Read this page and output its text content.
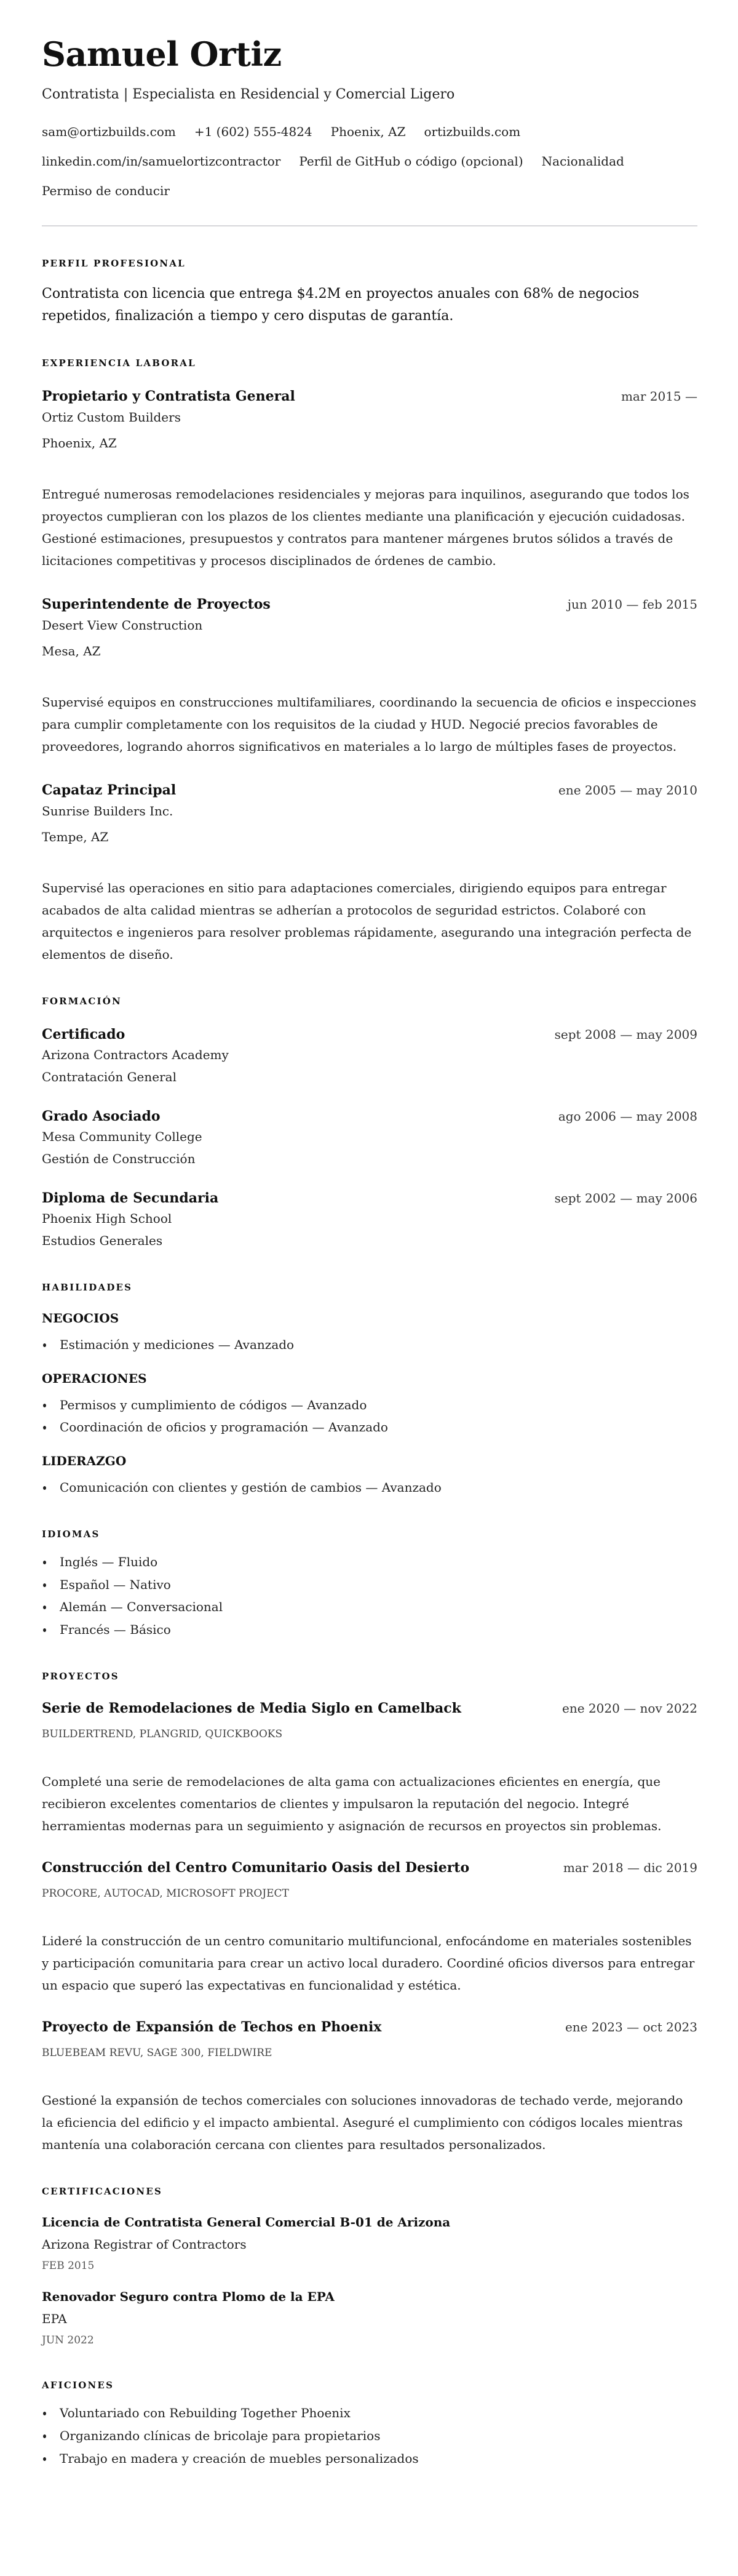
Samuel Ortiz
Contratista | Especialista en Residencial y Comercial Ligero
sam@ortizbuilds.com +1 (602) 555-4824 Phoenix, AZ ortizbuilds.com
linkedin.com/in/samuelortizcontractor Perfil de GitHub o código (opcional) Nacionalidad
Permiso de conducir
PERFIL PROFESIONAL

Contratista con licencia que entrega $4.2M en proyectos anuales con 68% de negocios repetidos, finalización a tiempo y cero disputas de garantía.

EXPERIENCIA LABORAL
Propietario y Contratista General	mar 2015 —
Ortiz Custom Builders
Phoenix, AZ

Entregué numerosas remodelaciones residenciales y mejoras para inquilinos, asegurando que todos los proyectos cumplieran con los plazos de los clientes mediante una planificación y ejecución cuidadosas. Gestioné estimaciones, presupuestos y contratos para mantener márgenes brutos sólidos a través de licitaciones competitivas y procesos disciplinados de órdenes de cambio.

Superintendente de Proyectos	jun 2010 — feb 2015
Desert View Construction
Mesa, AZ

Supervisé equipos en construcciones multifamiliares, coordinando la secuencia de oficios e inspecciones para cumplir completamente con los requisitos de la ciudad y HUD. Negocié precios favorables de proveedores, logrando ahorros significativos en materiales a lo largo de múltiples fases de proyectos.

Capataz Principal	ene 2005 — may 2010
Sunrise Builders Inc.
Tempe, AZ

Supervisé las operaciones en sitio para adaptaciones comerciales, dirigiendo equipos para entregar acabados de alta calidad mientras se adherían a protocolos de seguridad estrictos. Colaboré con arquitectos e ingenieros para resolver problemas rápidamente, asegurando una integración perfecta de elementos de diseño.

FORMACIÓN
Certificado	sept 2008 — may 2009
Arizona Contractors Academy
Contratación General
Grado Asociado	ago 2006 — may 2008
Mesa Community College
Gestión de Construcción
Diploma de Secundaria	sept 2002 — may 2006
Phoenix High School
Estudios Generales
HABILIDADES
NEGOCIOS
Estimación y mediciones — Avanzado
OPERACIONES
Permisos y cumplimiento de códigos — Avanzado
Coordinación de oficios y programación — Avanzado
LIDERAZGO
Comunicación con clientes y gestión de cambios — Avanzado
IDIOMAS
Inglés — Fluido
Español — Nativo
Alemán — Conversacional
Francés — Básico
PROYECTOS
Serie de Remodelaciones de Media Siglo en Camelback	ene 2020 — nov 2022
BUILDERTREND, PLANGRID, QUICKBOOKS

Completé una serie de remodelaciones de alta gama con actualizaciones eficientes en energía, que recibieron excelentes comentarios de clientes y impulsaron la reputación del negocio. Integré herramientas modernas para un seguimiento y asignación de recursos en proyectos sin problemas.

Construcción del Centro Comunitario Oasis del Desierto	mar 2018 — dic 2019
PROCORE, AUTOCAD, MICROSOFT PROJECT

Lideré la construcción de un centro comunitario multifuncional, enfocándome en materiales sostenibles y participación comunitaria para crear un activo local duradero. Coordiné oficios diversos para entregar un espacio que superó las expectativas en funcionalidad y estética.

Proyecto de Expansión de Techos en Phoenix	ene 2023 — oct 2023
BLUEBEAM REVU, SAGE 300, FIELDWIRE

Gestioné la expansión de techos comerciales con soluciones innovadoras de techado verde, mejorando la eficiencia del edificio y el impacto ambiental. Aseguré el cumplimiento con códigos locales mientras mantenía una colaboración cercana con clientes para resultados personalizados.

CERTIFICACIONES
Licencia de Contratista General Comercial B-01 de Arizona
Arizona Registrar of Contractors
FEB 2015
Renovador Seguro contra Plomo de la EPA
EPA
JUN 2022
AFICIONES
Voluntariado con Rebuilding Together Phoenix
Organizando clínicas de bricolaje para propietarios
Trabajo en madera y creación de muebles personalizados
